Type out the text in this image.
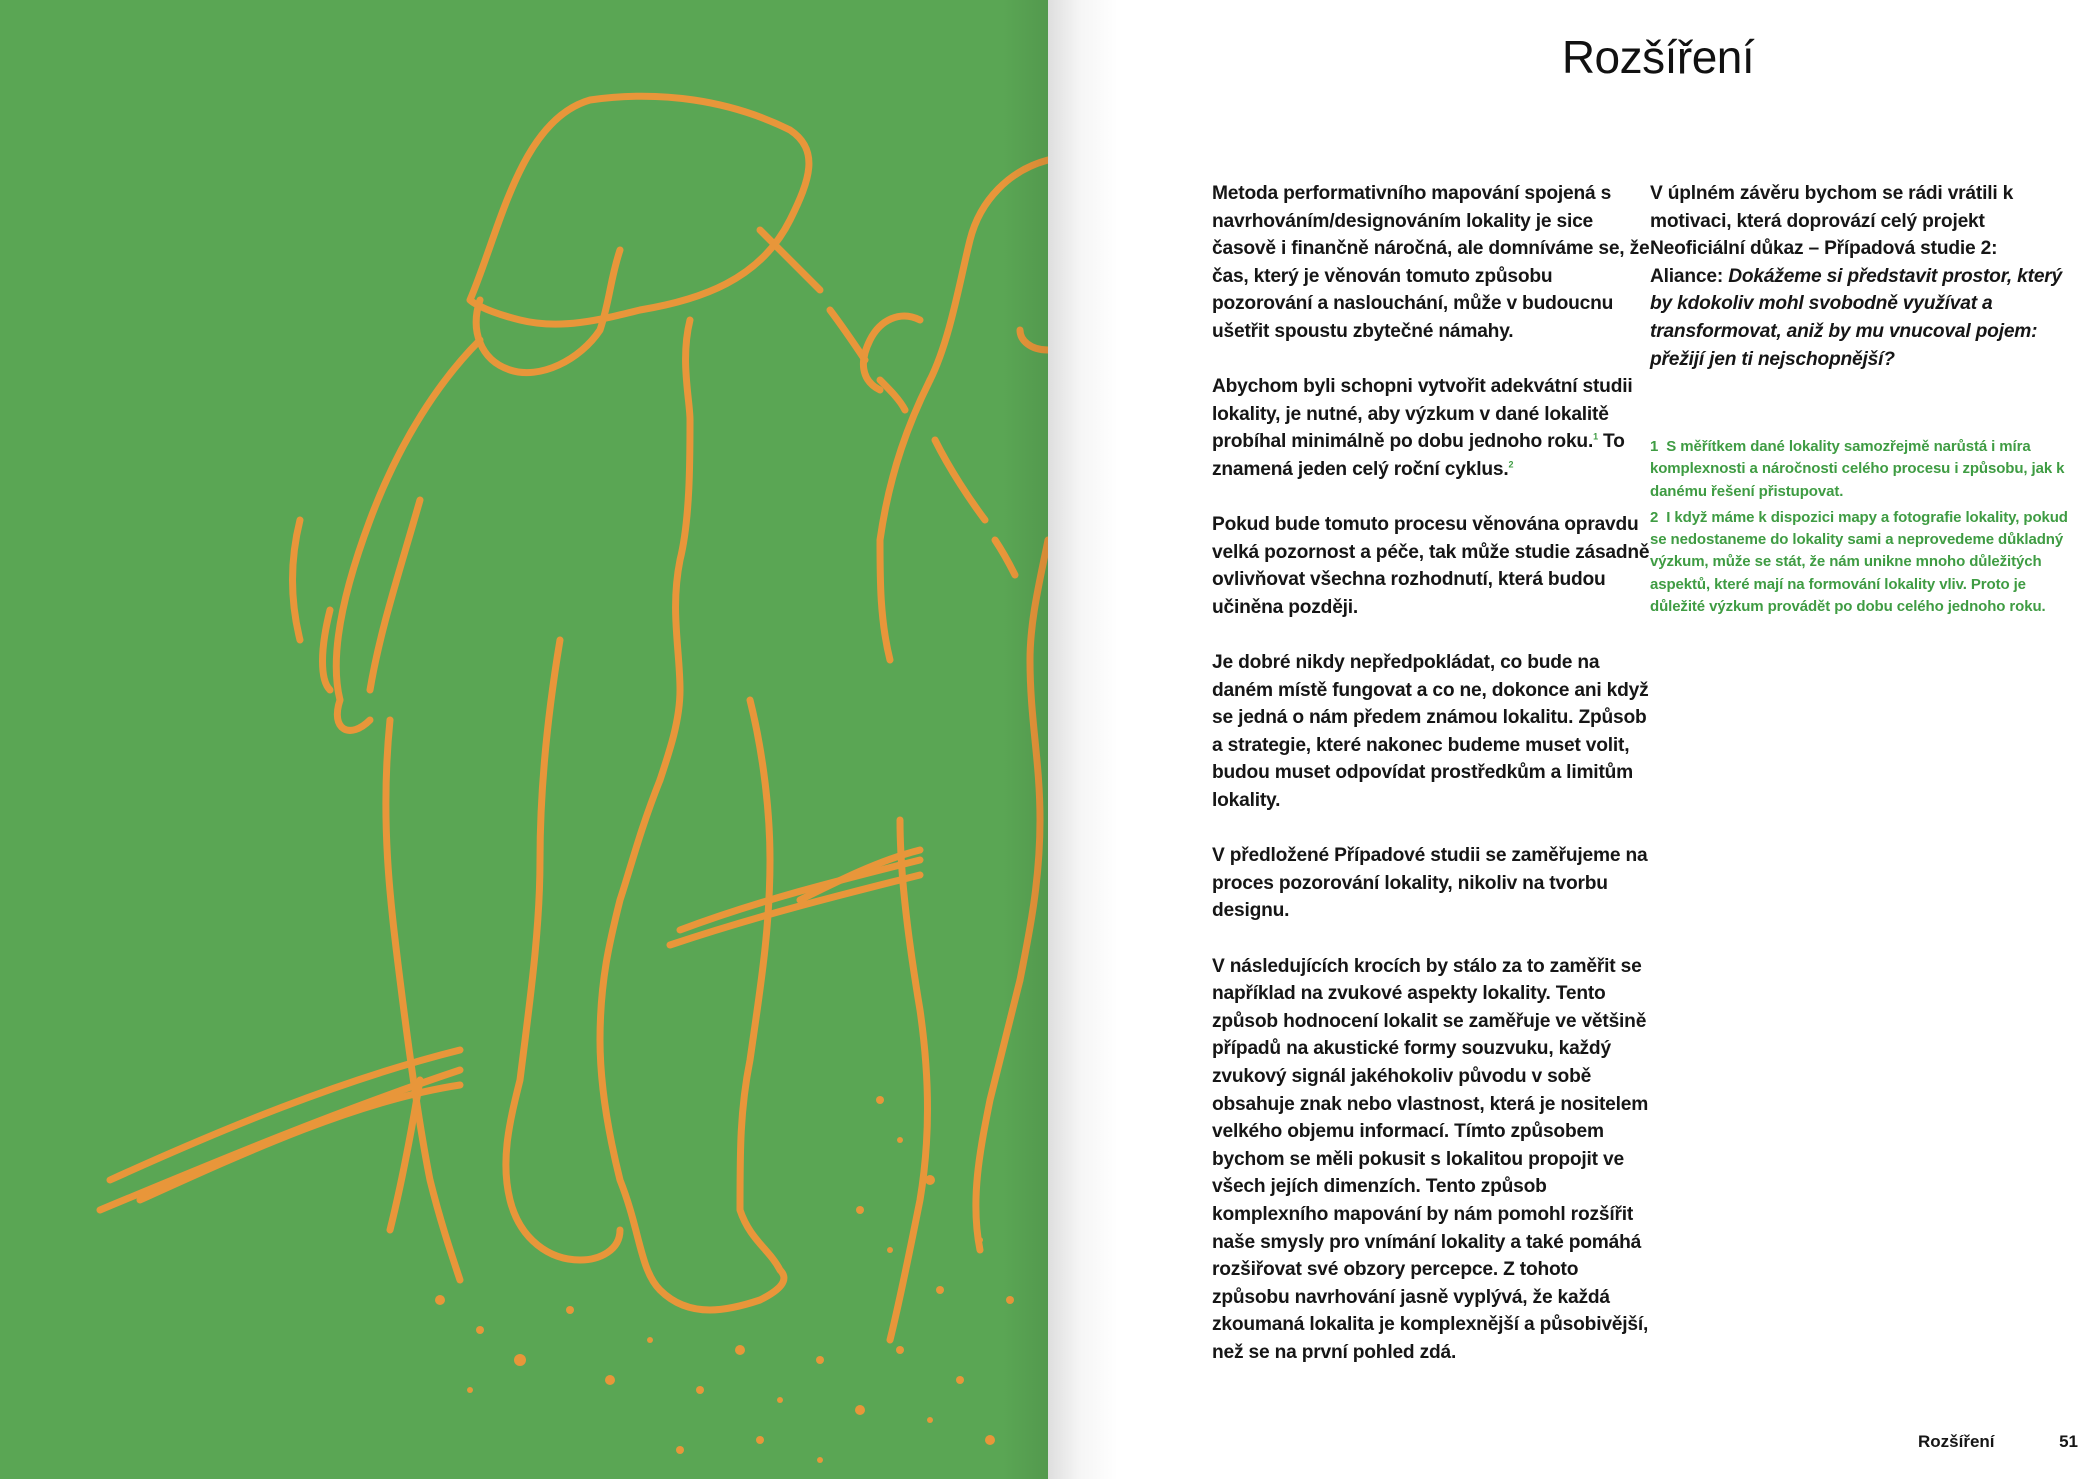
Rozšíření

Metoda performativního mapování spojená s navrhováním/designováním lokality je sice časově i finančně náročná, ale domníváme se, že čas, který je věnován tomuto způsobu pozorování a naslouchání, může v budoucnu ušetřit spoustu zbytečné námahy.

Abychom byli schopni vytvořit adekvátní studii lokality, je nutné, aby výzkum v dané lokalitě probíhal minimálně po dobu jednoho roku.$^1$ To znamená jeden celý roční cyklus.$^2$

Pokud bude tomuto procesu věnována opravdu velká pozornost a péče, tak může studie zásadně ovlivňovat všechna rozhodnutí, která budou učiněna později.

Je dobré nikdy nepředpokládat, co bude na daném místě fungovat a co ne, dokonce ani když se jedná o nám předem známou lokalitu. Způsob a strategie, které nakonec budeme muset volit, budou muset odpovídat prostředkům a limitům lokality.

V předložené Případové studii se zaměřujeme na proces pozorování lokality, nikoliv na tvorbu designu.

V následujících krocích by stálo za to zaměřit se například na zvukové aspekty lokality. Tento způsob hodnocení lokalit se zaměřuje ve většině případů na akustické formy souzvuku, každý zvukový signál jakéhokoliv původu v sobě obsahuje znak nebo vlastnost, která je nositelem velkého objemu informací. Tímto způsobem bychom se měli pokusit s lokalitou propojit ve všech jejích dimenzích. Tento způsob komplexního mapování by nám pomohl rozšířit naše smysly pro vnímání lokality a také pomáhá rozšiřovat své obzory percepce. Z tohoto způsobu navrhování jasně vyplývá, že každá zkoumaná lokalita je komplexnější a působivější, než se na první pohled zdá.

V úplném závěru bychom se rádi vrátili k motivaci, která doprovází celý projekt Neoficiální důkaz – Případová studie 2: Aliance: Dokážeme si představit prostor, který by kdokoliv mohl svobodně využívat a transformovat, aniž by mu vnucoval pojem: přežijí jen ti nejschopnější?

1 S měřítkem dané lokality samozřejmě narůstá i míra komplexnosti a náročnosti celého procesu i způsobu, jak k danému řešení přistupovat.

2 I když máme k dispozici mapy a fotografie lokality, pokud se nedostaneme do lokality sami a neprovedeme důkladný výzkum, může se stát, že nám unikne mnoho důležitých aspektů, které mají na formování lokality vliv. Proto je důležité výzkum provádět po dobu celého jednoho roku.

Rozšíření	51
